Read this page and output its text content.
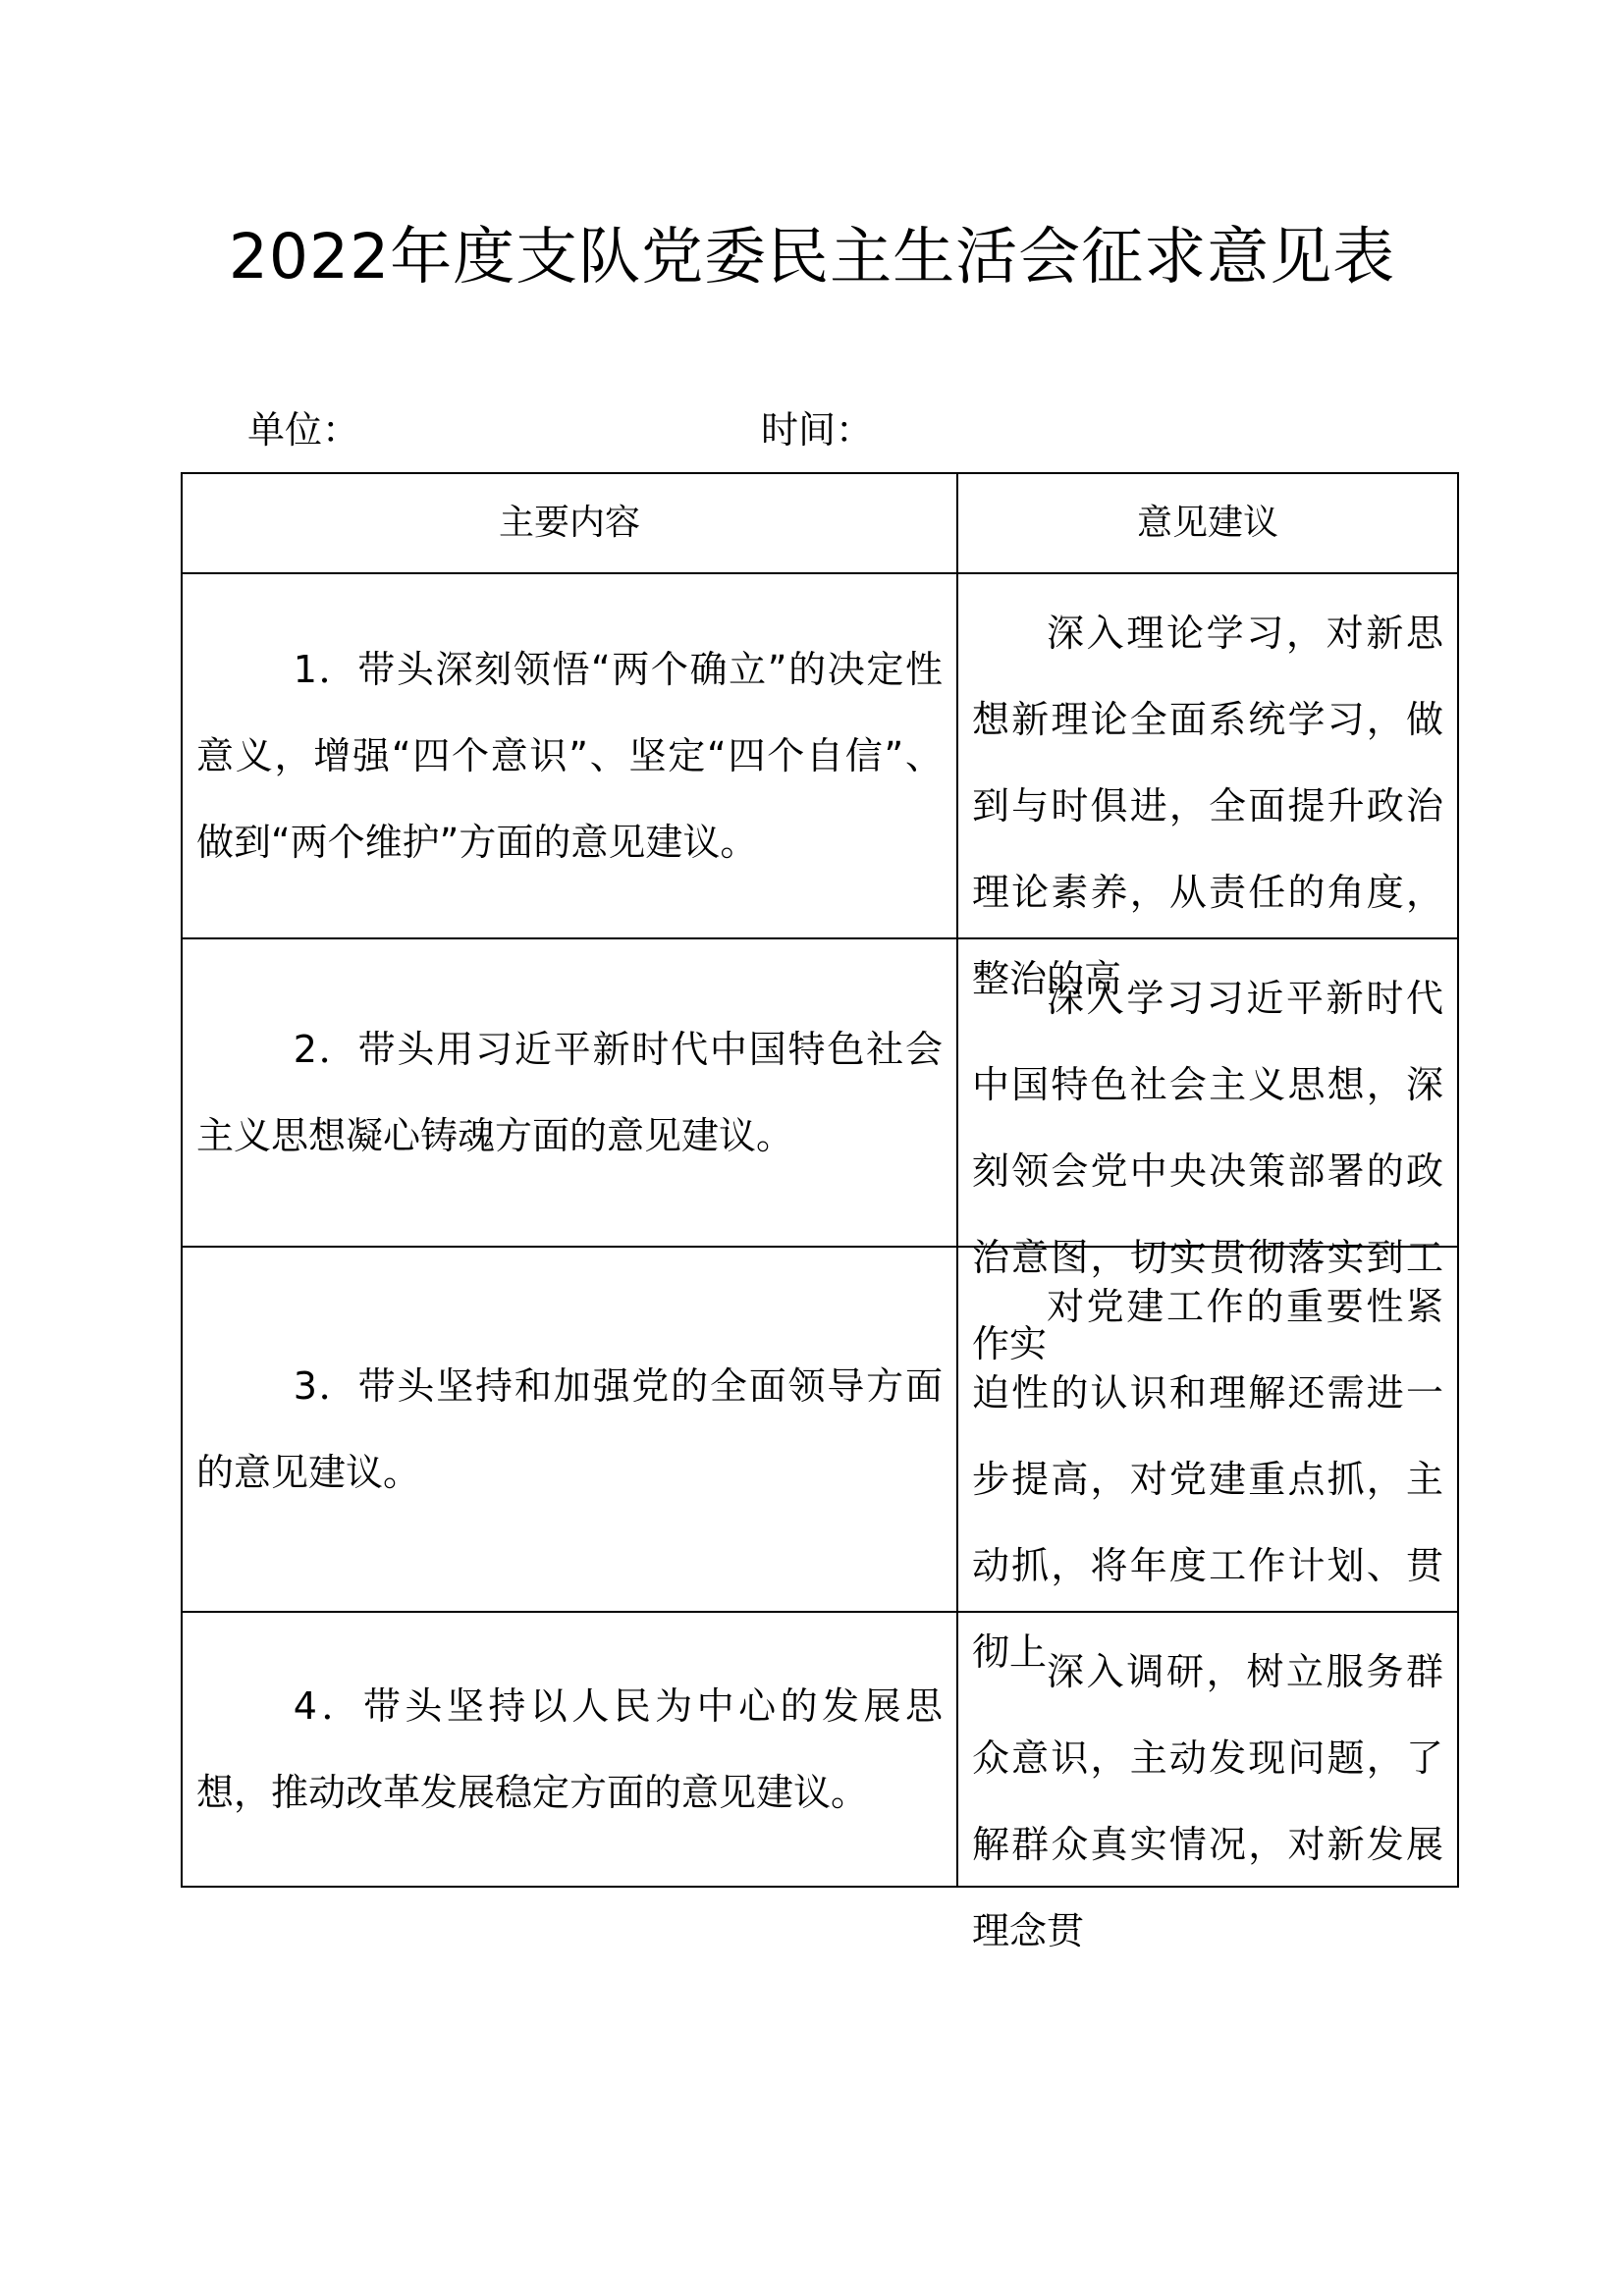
2022年度支队党委民主生活会征求意见表
单位：	时间：
主要内容	意见建议
1．带头深刻领悟“两个确立”的决定性意义，增强“四个意识”、坚定“四个自信”、做到“两个维护”方面的意见建议。	深入理论学习，对新思想新理论全面系统学习，做到与时俱进，全面提升政治理论素养，从责任的角度，整治的高

2．带头用习近平新时代中国特色社会主义思想凝心铸魂方面的意见建议。	深入学习习近平新时代中国特色社会主义思想，深刻领会党中央决策部署的政治意图，切实贯彻落实到工作实

3．带头坚持和加强党的全面领导方面的意见建议。	对党建工作的重要性紧迫性的认识和理解还需进一步提高，对党建重点抓，主动抓，将年度工作计划、贯彻上

4．带头坚持以人民为中心的发展思想，推动改革发展稳定方面的意见建议。	深入调研，树立服务群众意识，主动发现问题，了解群众真实情况，对新发展理念贯
